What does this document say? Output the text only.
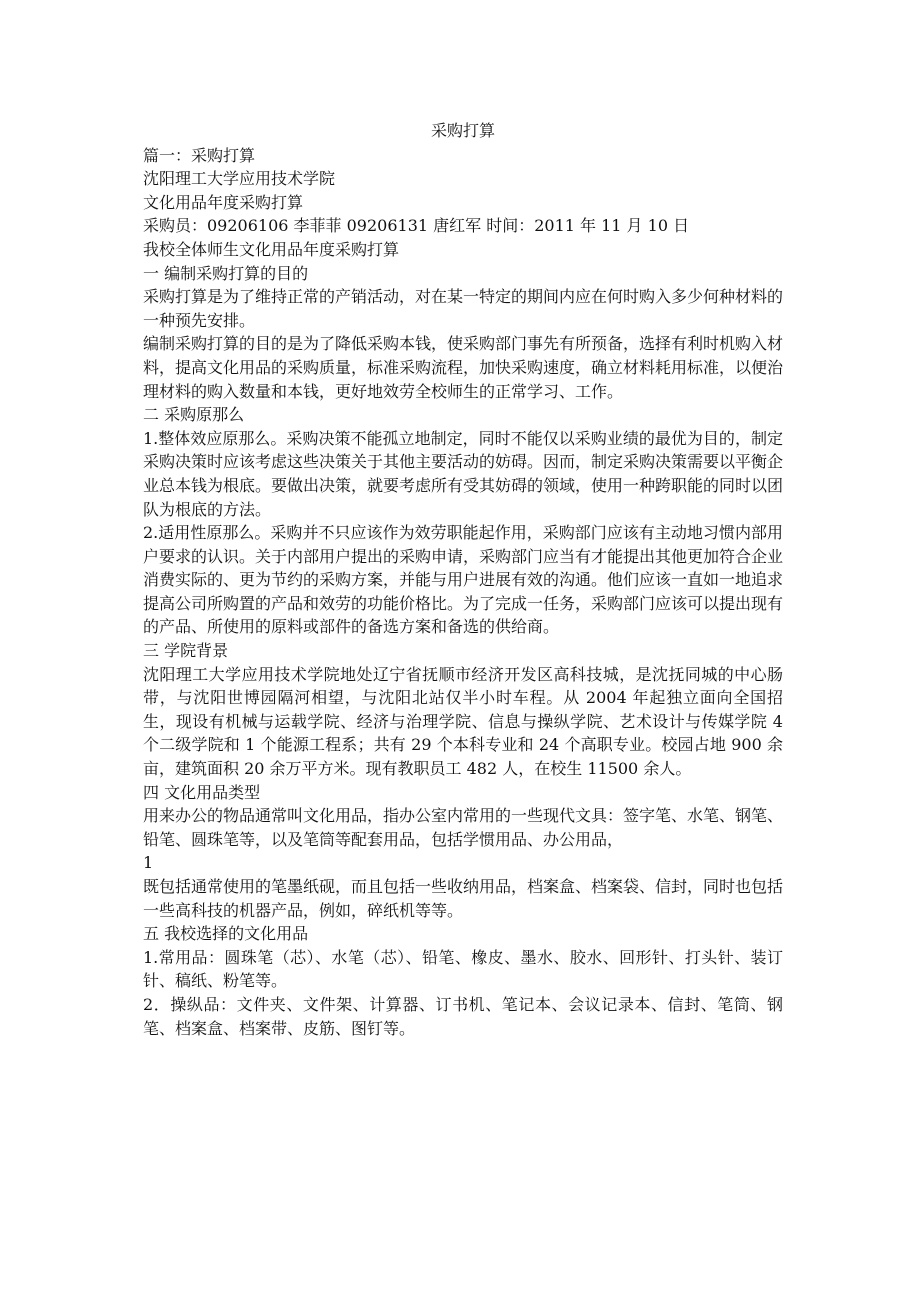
采购打算

篇一：采购打算

沈阳理工大学应用技术学院

文化用品年度采购打算

采购员：09206106 李菲菲 09206131 唐红军 时间：2011 年 11 月 10 日

我校全体师生文化用品年度采购打算

一 编制采购打算的目的

采购打算是为了维持正常的产销活动，对在某一特定的期间内应在何时购入多少何种材料的一种预先安排。

编制采购打算的目的是为了降低采购本钱，使采购部门事先有所预备，选择有利时机购入材料，提高文化用品的采购质量，标准采购流程，加快采购速度，确立材料耗用标准，以便治理材料的购入数量和本钱，更好地效劳全校师生的正常学习、工作。

二 采购原那么

1.整体效应原那么。采购决策不能孤立地制定，同时不能仅以采购业绩的最优为目的，制定采购决策时应该考虑这些决策关于其他主要活动的妨碍。因而，制定采购决策需要以平衡企业总本钱为根底。要做出决策，就要考虑所有受其妨碍的领域，使用一种跨职能的同时以团队为根底的方法。

2.适用性原那么。采购并不只应该作为效劳职能起作用，采购部门应该有主动地习惯内部用户要求的认识。关于内部用户提出的采购申请，采购部门应当有才能提出其他更加符合企业消费实际的、更为节约的采购方案，并能与用户进展有效的沟通。他们应该一直如一地追求提高公司所购置的产品和效劳的功能价格比。为了完成一任务，采购部门应该可以提出现有的产品、所使用的原料或部件的备选方案和备选的供给商。

三 学院背景

沈阳理工大学应用技术学院地处辽宁省抚顺市经济开发区高科技城，是沈抚同城的中心肠带，与沈阳世博园隔河相望，与沈阳北站仅半小时车程。从 2004 年起独立面向全国招生，现设有机械与运载学院、经济与治理学院、信息与操纵学院、艺术设计与传媒学院 4 个二级学院和 1 个能源工程系；共有 29 个本科专业和 24 个高职专业。校园占地 900 余亩，建筑面积 20 余万平方米。现有教职员工 482 人，在校生 11500 余人。

四 文化用品类型

用来办公的物品通常叫文化用品，指办公室内常用的一些现代文具：签字笔、水笔、钢笔、铅笔、圆珠笔等，以及笔筒等配套用品，包括学惯用品、办公用品，

1

既包括通常使用的笔墨纸砚，而且包括一些收纳用品，档案盒、档案袋、信封，同时也包括一些高科技的机器产品，例如，碎纸机等等。

五 我校选择的文化用品

1.常用品：圆珠笔（芯）、水笔（芯）、铅笔、橡皮、墨水、胶水、回形针、打头针、装订针、稿纸、粉笔等。

2．操纵品：文件夹、文件架、计算器、订书机、笔记本、会议记录本、信封、笔筒、钢笔、档案盒、档案带、皮筋、图钉等。
